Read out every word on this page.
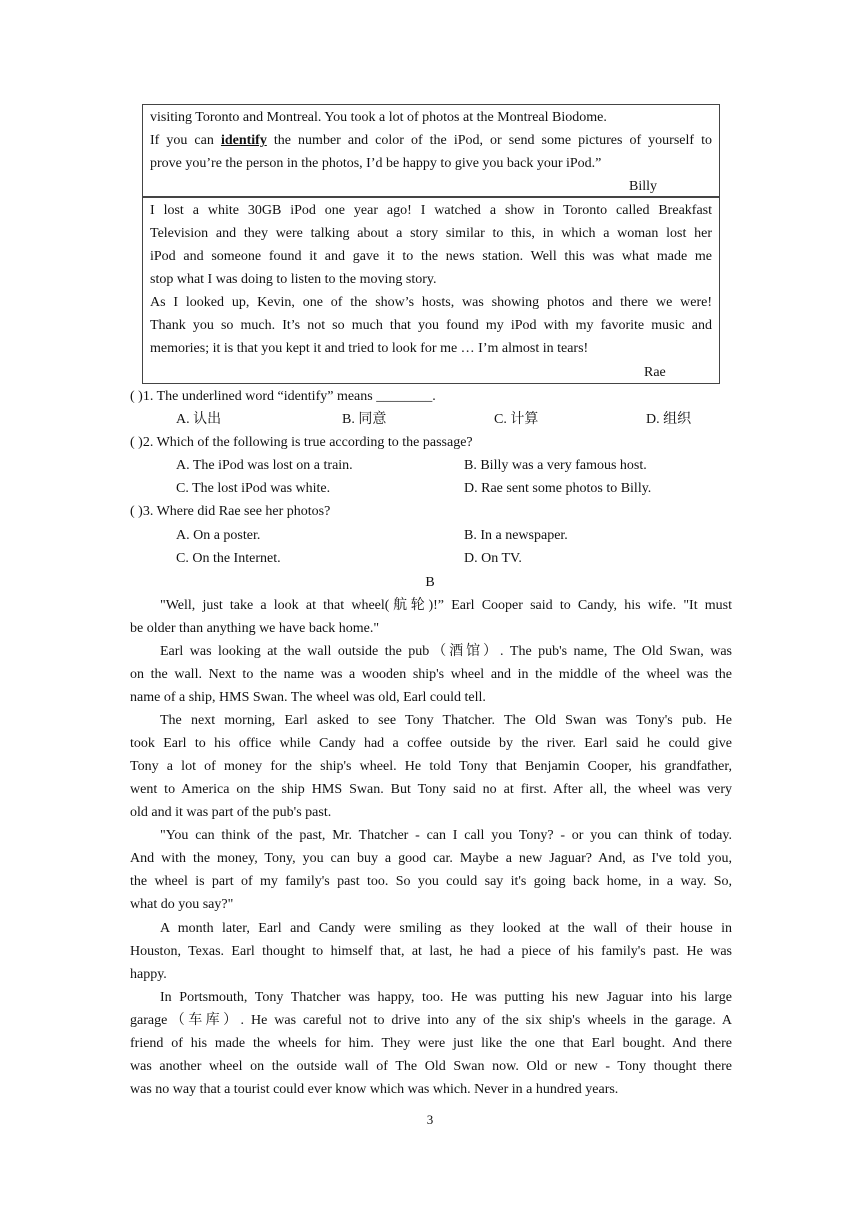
visiting Toronto and Montreal. You took a lot of photos at the Montreal Biodome.
If you can identify the number and color of the iPod, or send some pictures of yourself to
prove you’re the person in the photos, I’d be happy to give you back your iPod.”
Billy
I lost a white 30GB iPod one year ago! I watched a show in Toronto called Breakfast
Television and they were talking about a story similar to this, in which a woman lost her
iPod and someone found it and gave it to the news station. Well this was what made me
stop what I was doing to listen to the moving story.
As I looked up, Kevin, one of the show’s hosts, was showing photos and there we were!
Thank you so much. It’s not so much that you found my iPod with my favorite music and
memories; it is that you kept it and tried to look for me … I’m almost in tears!
Rae
( )1. The underlined word “identify” means ________.
A. 认出	B. 同意	C. 计算	D. 组织
( )2. Which of the following is true according to the passage?
A. The iPod was lost on a train.	B. Billy was a very famous host.
C. The lost iPod was white.	D. Rae sent some photos to Billy.
( )3. Where did Rae see her photos?
A. On a poster.	B. In a newspaper.
C. On the Internet.	D. On TV.
B
"Well, just take a look at that wheel(航轮)!” Earl Cooper said to Candy, his wife. "It must
be older than anything we have back home."
Earl was looking at the wall outside the pub（酒馆）. The pub's name, The Old Swan, was
on the wall. Next to the name was a wooden ship's wheel and in the middle of the wheel was the
name of a ship, HMS Swan. The wheel was old, Earl could tell.
The next morning, Earl asked to see Tony Thatcher. The Old Swan was Tony's pub. He
took Earl to his office while Candy had a coffee outside by the river. Earl said he could give
Tony a lot of money for the ship's wheel. He told Tony that Benjamin Cooper, his grandfather,
went to America on the ship HMS Swan. But Tony said no at first. After all, the wheel was very
old and it was part of the pub's past.
"You can think of the past, Mr. Thatcher - can I call you Tony? - or you can think of today.
And with the money, Tony, you can buy a good car. Maybe a new Jaguar? And, as I've told you,
the wheel is part of my family's past too. So you could say it's going back home, in a way. So,
what do you say?"
A month later, Earl and Candy were smiling as they looked at the wall of their house in
Houston, Texas. Earl thought to himself that, at last, he had a piece of his family's past. He was
happy.
In Portsmouth, Tony Thatcher was happy, too. He was putting his new Jaguar into his large
garage（车库）. He was careful not to drive into any of the six ship's wheels in the garage. A
friend of his made the wheels for him. They were just like the one that Earl bought. And there
was another wheel on the outside wall of The Old Swan now. Old or new - Tony thought there
was no way that a tourist could ever know which was which. Never in a hundred years.
3
